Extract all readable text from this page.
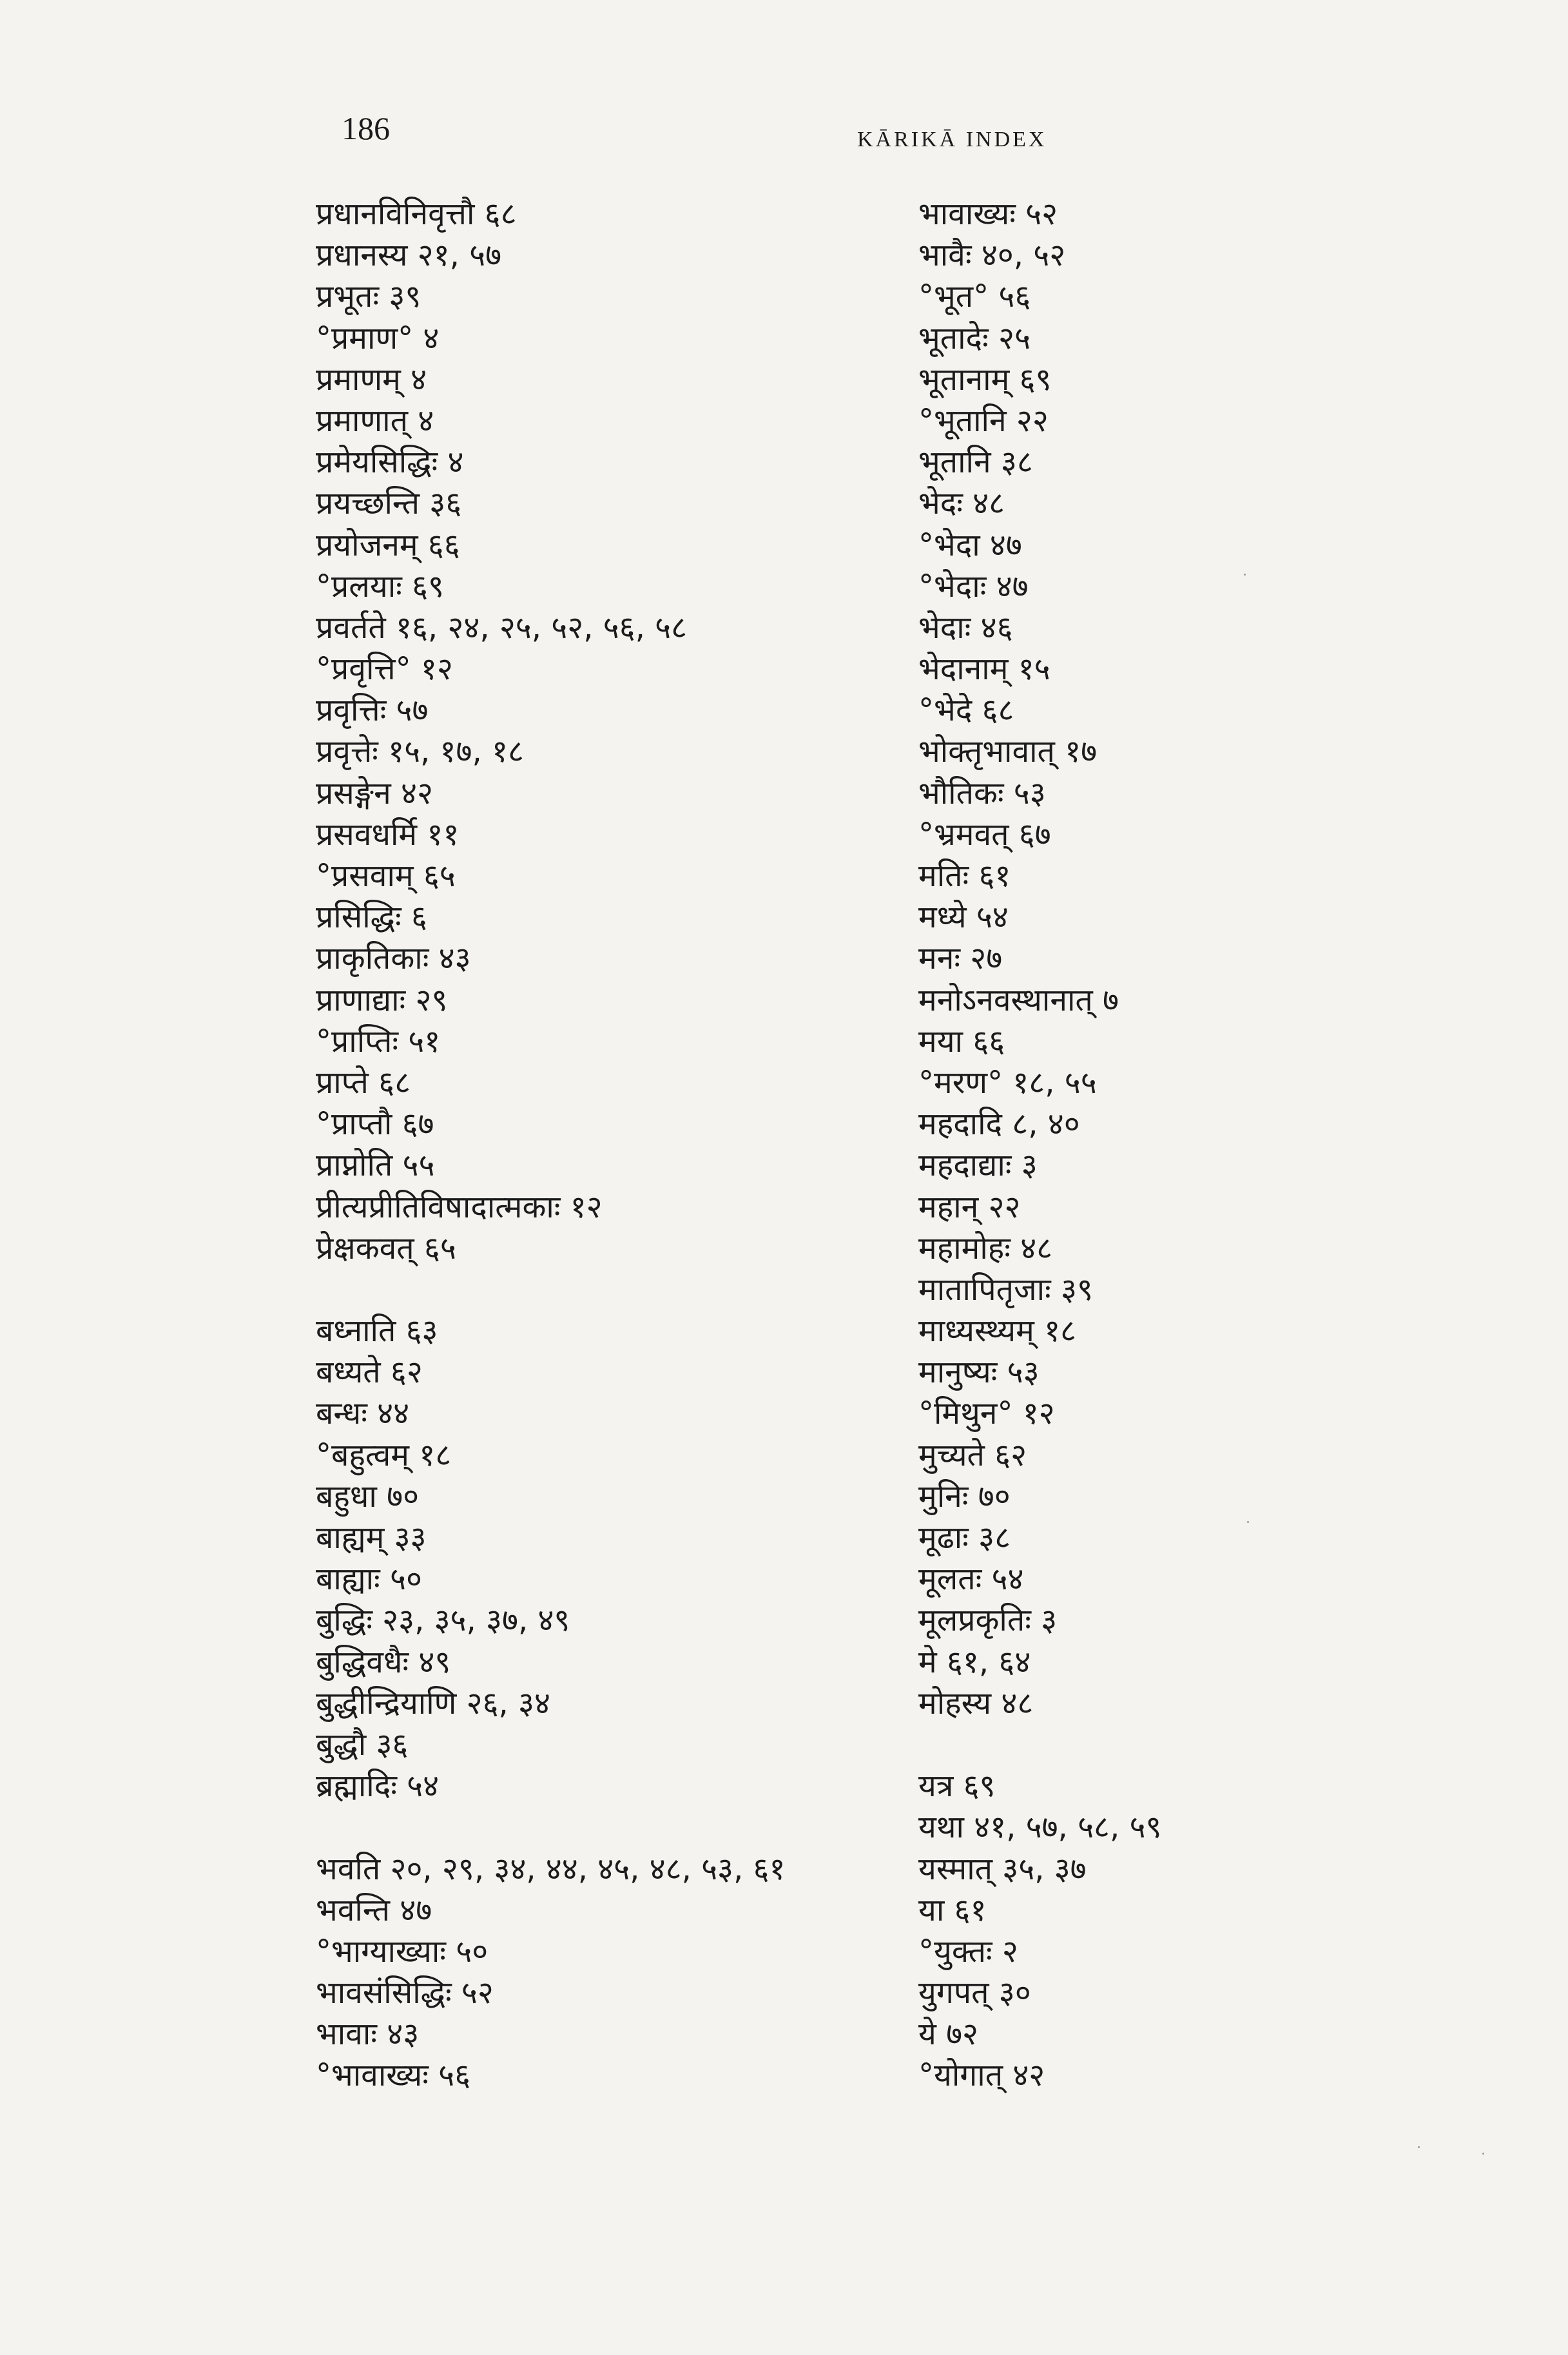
186	KĀRIKĀ INDEX
प्रधानविनिवृत्तौ ६८
प्रधानस्य २१, ५७
प्रभूतः ३९
°प्रमाण° ४
प्रमाणम् ४
प्रमाणात् ४
प्रमेयसिद्धिः ४
प्रयच्छन्ति ३६
प्रयोजनम् ६६
°प्रलयाः ६९
प्रवर्तते १६, २४, २५, ५२, ५६, ५८
°प्रवृत्ति° १२
प्रवृत्तिः ५७
प्रवृत्तेः १५, १७, १८
प्रसङ्गेन ४२
प्रसवधर्मि ११
°प्रसवाम् ६५
प्रसिद्धिः ६
प्राकृतिकाः ४३
प्राणाद्याः २९
°प्राप्तिः ५१
प्राप्ते ६८
°प्राप्तौ ६७
प्राप्नोति ५५
प्रीत्यप्रीतिविषादात्मकाः १२
प्रेक्षकवत् ६५
बध्नाति ६३
बध्यते ६२
बन्धः ४४
°बहुत्वम् १८
बहुधा ७०
बाह्यम् ३३
बाह्याः ५०
बुद्धिः २३, ३५, ३७, ४९
बुद्धिवधैः ४९
बुद्धीन्द्रियाणि २६, ३४
बुद्धौ ३६
ब्रह्मादिः ५४
भवति २०, २९, ३४, ४४, ४५, ४८, ५३, ६१
भवन्ति ४७
°भाग्याख्याः ५०
भावसंसिद्धिः ५२
भावाः ४३
°भावाख्यः ५६
भावाख्यः ५२
भावैः ४०, ५२
°भूत° ५६
भूतादेः २५
भूतानाम् ६९
°भूतानि २२
भूतानि ३८
भेदः ४८
°भेदा ४७
°भेदाः ४७
भेदाः ४६
भेदानाम् १५
°भेदे ६८
भोक्तृभावात् १७
भौतिकः ५३
°भ्रमवत् ६७
मतिः ६१
मध्ये ५४
मनः २७
मनोऽनवस्थानात् ७
मया ६६
°मरण° १८, ५५
महदादि ८, ४०
महदाद्याः ३
महान् २२
महामोहः ४८
मातापितृजाः ३९
माध्यस्थ्यम् १८
मानुष्यः ५३
°मिथुन° १२
मुच्यते ६२
मुनिः ७०
मूढाः ३८
मूलतः ५४
मूलप्रकृतिः ३
मे ६१, ६४
मोहस्य ४८
यत्र ६९
यथा ४१, ५७, ५८, ५९
यस्मात् ३५, ३७
या ६१
°युक्तः २
युगपत् ३०
ये ७२
°योगात् ४२
